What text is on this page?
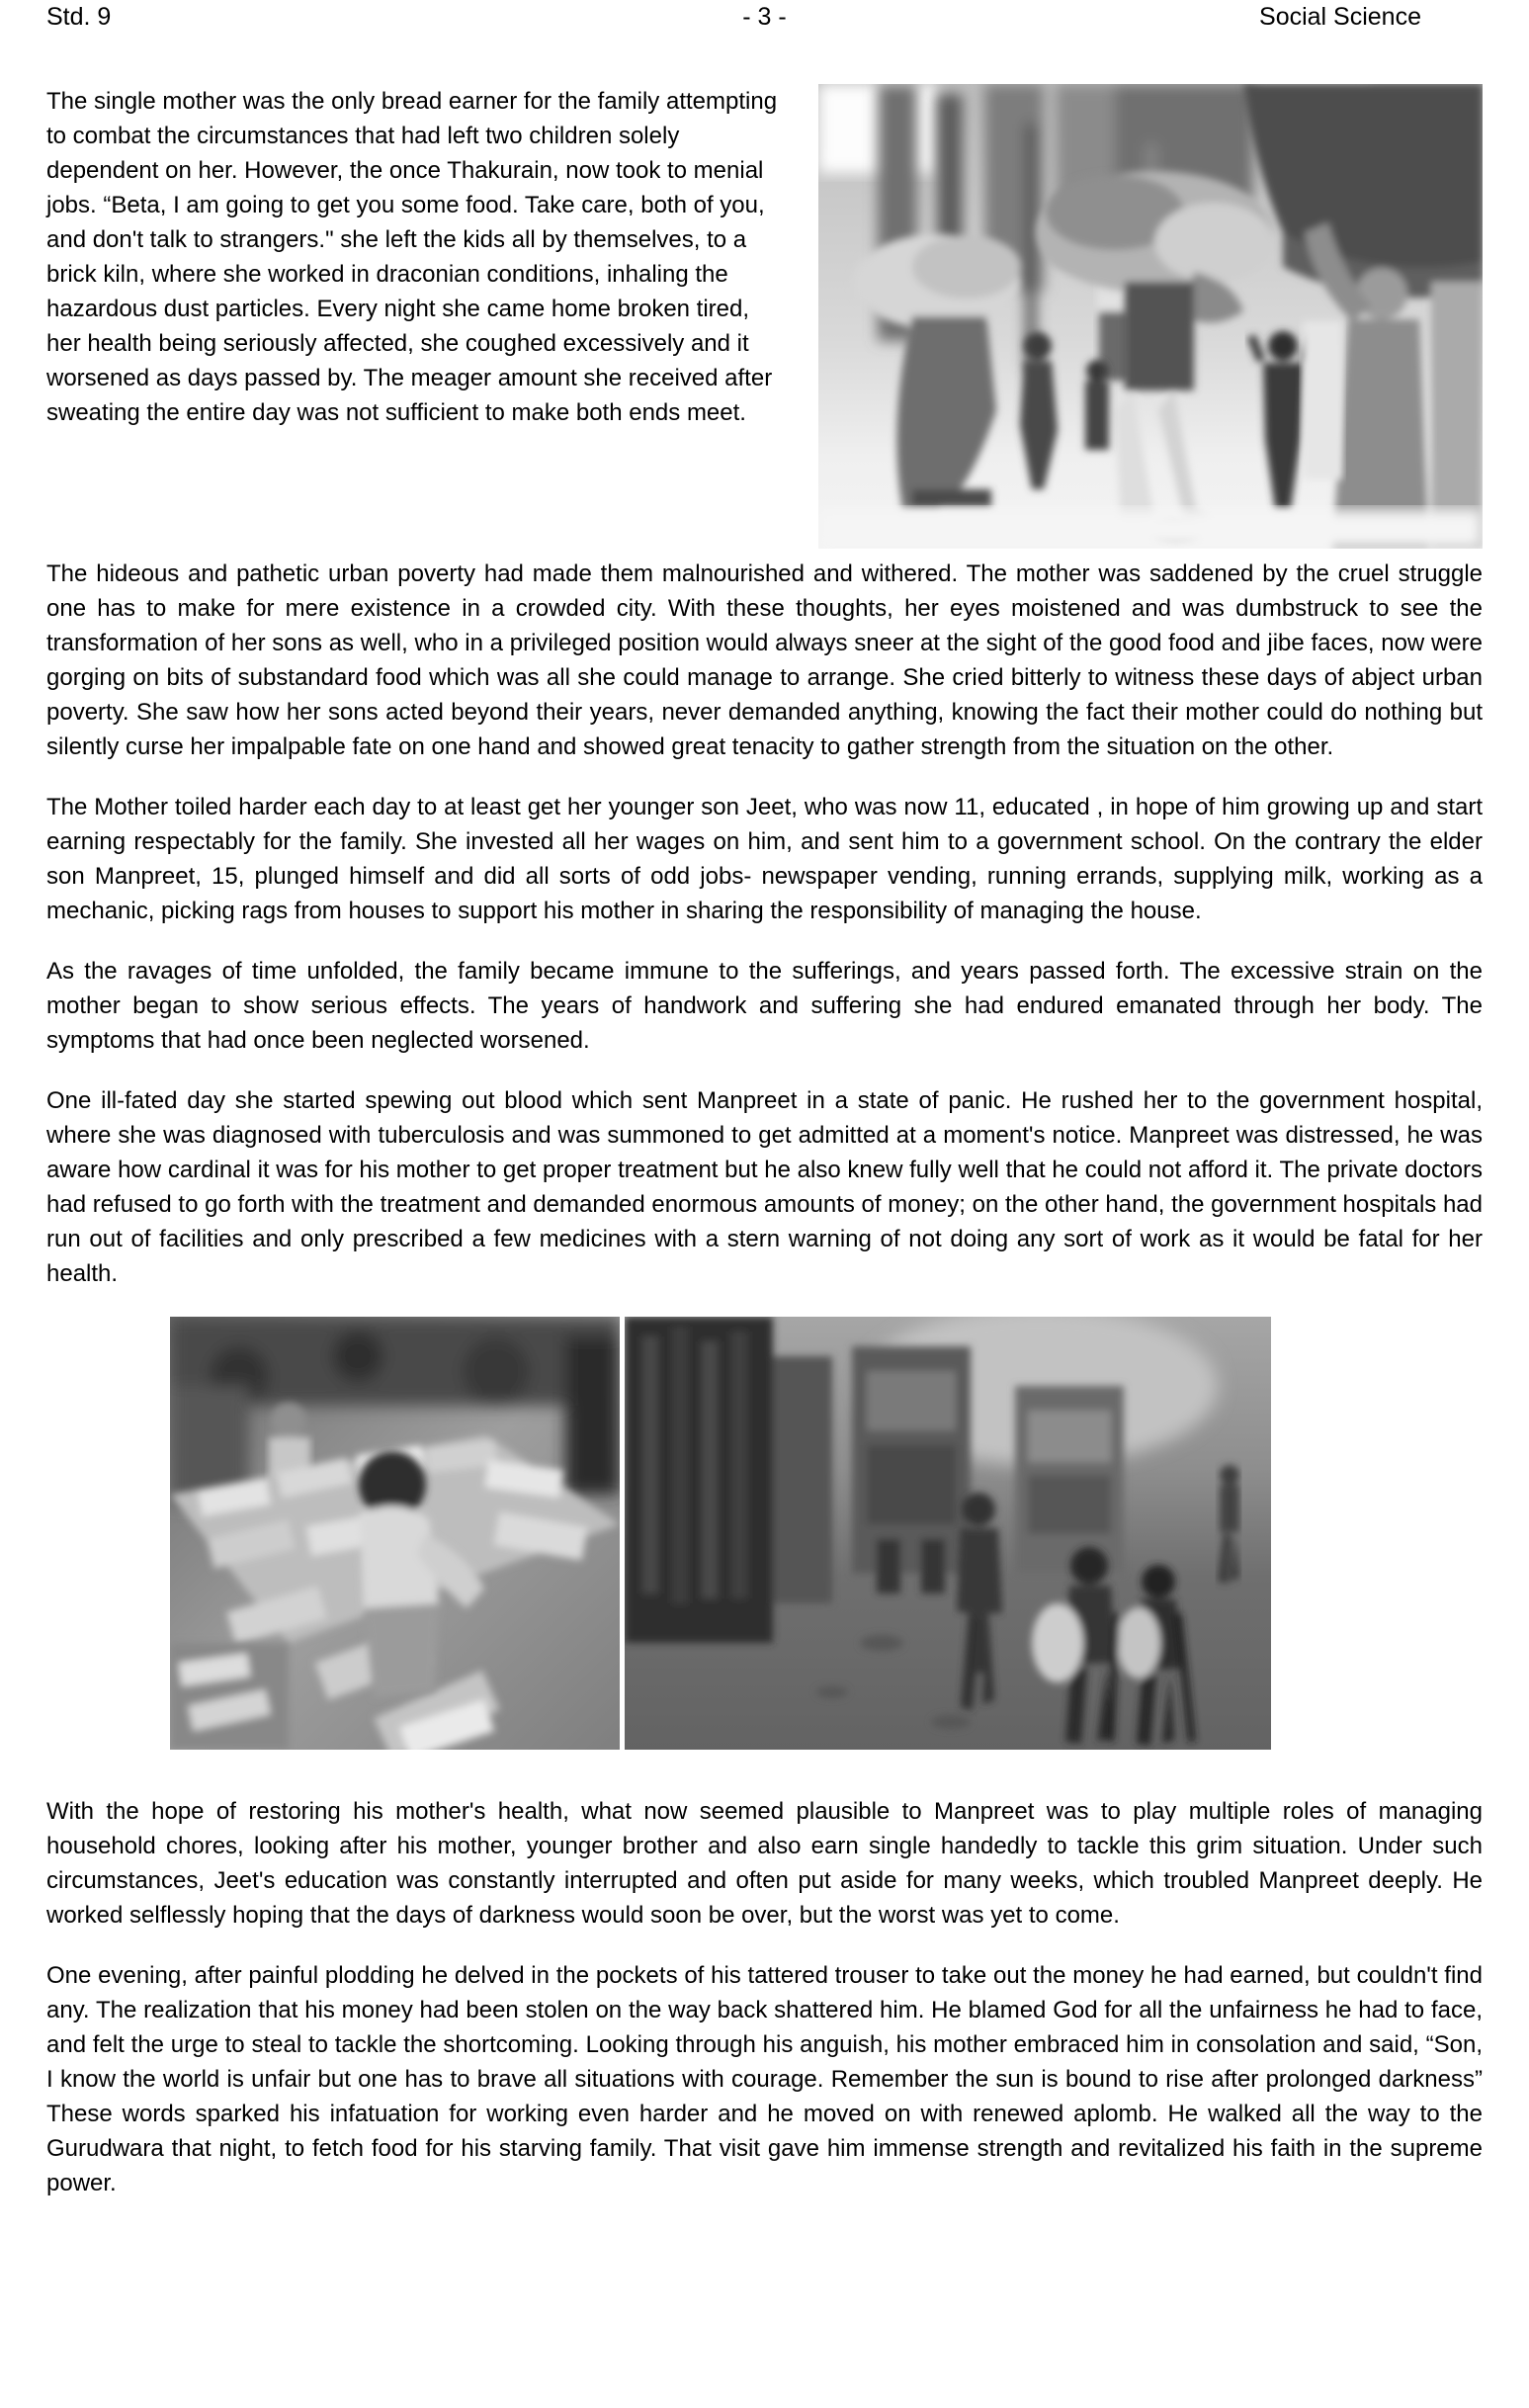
Std. 9	- 3 -	Social Science

The single mother was the only bread earner for the family attempting to combat the circumstances that had left two children solely dependent on her. However, the once Thakurain, now took to menial jobs. “Beta, I am going to get you some food. Take care, both of you, and don't talk to strangers." she left the kids all by themselves, to a brick kiln, where she worked in draconian conditions, inhaling the hazardous dust particles. Every night she came home broken tired, her health being seriously affected, she coughed excessively and it worsened as days passed by. The meager amount she received after sweating the entire day was not sufficient to make both ends meet.

The hideous and pathetic urban poverty had made them malnourished and withered. The mother was saddened by the cruel struggle one has to make for mere existence in a crowded city. With these thoughts, her eyes moistened and was dumbstruck to see the transformation of her sons as well, who in a privileged position would always sneer at the sight of the good food and jibe faces, now were gorging on bits of substandard food which was all she could manage to arrange. She cried bitterly to witness these days of abject urban poverty. She saw how her sons acted beyond their years, never demanded anything, knowing the fact their mother could do nothing but silently curse her impalpable fate on one hand and showed great tenacity to gather strength from the situation on the other.

The Mother toiled harder each day to at least get her younger son Jeet, who was now 11, educated , in hope of him growing up and start earning respectably for the family. She invested all her wages on him, and sent him to a government school. On the contrary the elder son Manpreet, 15, plunged himself and did all sorts of odd jobs- newspaper vending, running errands, supplying milk, working as a mechanic, picking rags from houses to support his mother in sharing the responsibility of managing the house.

As the ravages of time unfolded, the family became immune to the sufferings, and years passed forth. The excessive strain on the mother began to show serious effects. The years of handwork and suffering she had endured emanated through her body. The symptoms that had once been neglected worsened.

One ill-fated day she started spewing out blood which sent Manpreet in a state of panic. He rushed her to the government hospital, where she was diagnosed with tuberculosis and was summoned to get admitted at a moment's notice. Manpreet was distressed, he was aware how cardinal it was for his mother to get proper treatment but he also knew fully well that he could not afford it. The private doctors had refused to go forth with the treatment and demanded enormous amounts of money; on the other hand, the government hospitals had run out of facilities and only prescribed a few medicines with a stern warning of not doing any sort of work as it would be fatal for her health.

With the hope of restoring his mother's health, what now seemed plausible to Manpreet was to play multiple roles of managing household chores, looking after his mother, younger brother and also earn single handedly to tackle this grim situation. Under such circumstances, Jeet's education was constantly interrupted and often put aside for many weeks, which troubled Manpreet deeply. He worked selflessly hoping that the days of darkness would soon be over, but the worst was yet to come.

One evening, after painful plodding he delved in the pockets of his tattered trouser to take out the money he had earned, but couldn't find any. The realization that his money had been stolen on the way back shattered him. He blamed God for all the unfairness he had to face, and felt the urge to steal to tackle the shortcoming. Looking through his anguish, his mother embraced him in consolation and said, “Son, I know the world is unfair but one has to brave all situations with courage. Remember the sun is bound to rise after prolonged darkness” These words sparked his infatuation for working even harder and he moved on with renewed aplomb. He walked all the way to the Gurudwara that night, to fetch food for his starving family. That visit gave him immense strength and revitalized his faith in the supreme power.
